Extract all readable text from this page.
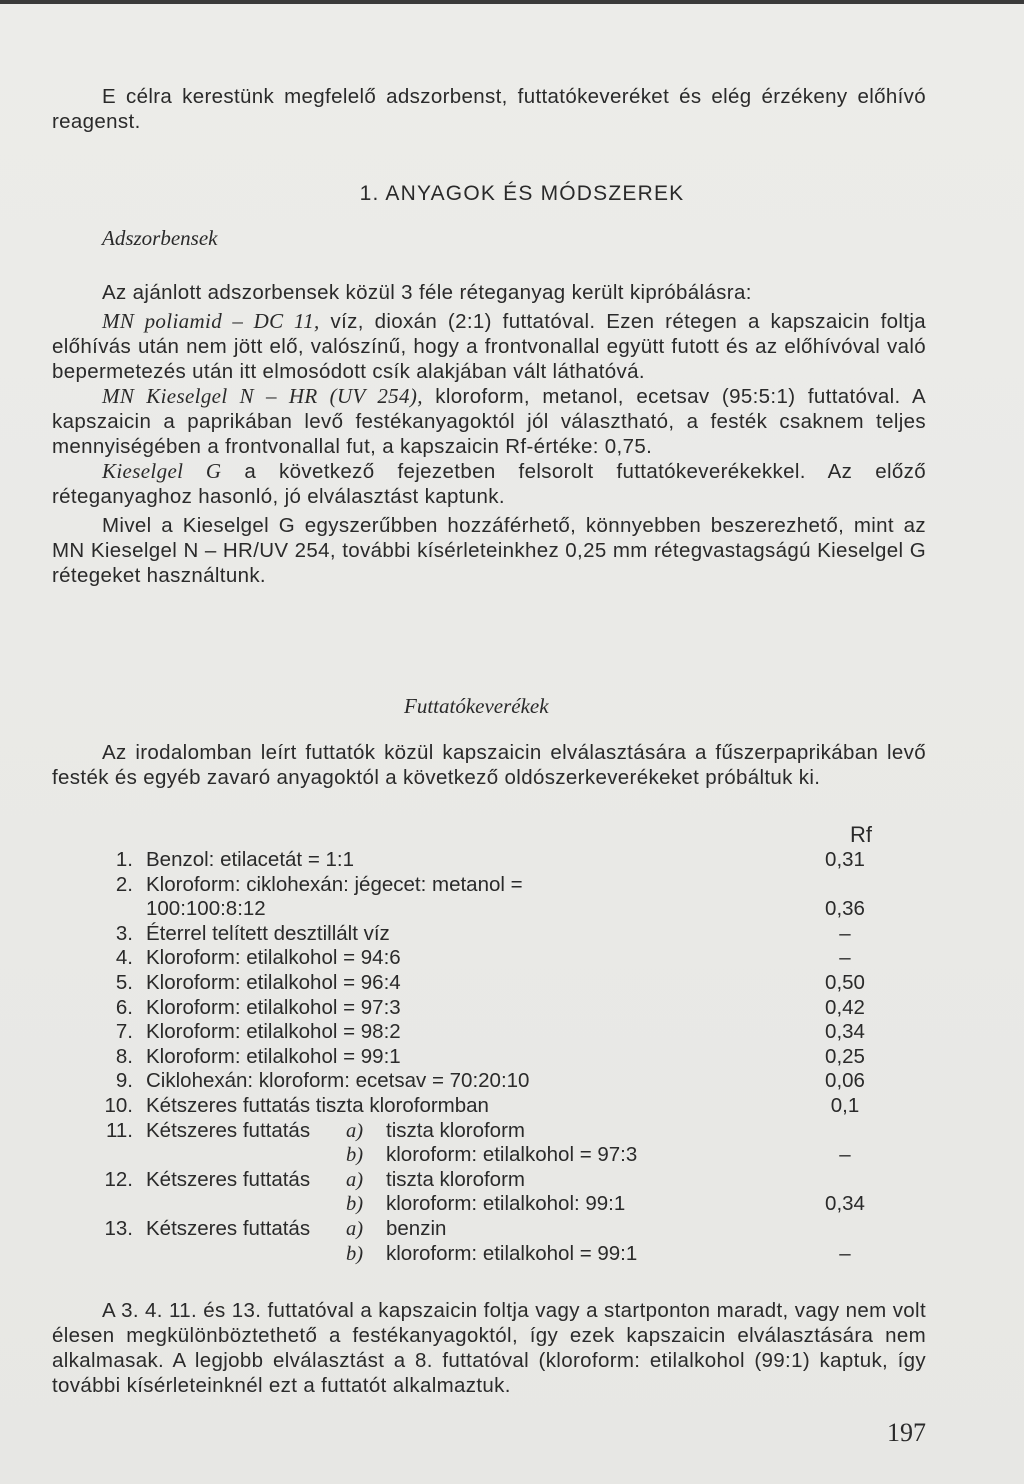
E célra kerestünk megfelelő adszorbenst, futtatókeveréket és elég érzékeny előhívó reagenst.

1. ANYAGOK ÉS MÓDSZEREK
Adszorbensek

Az ajánlott adszorbensek közül 3 féle réteganyag került kipróbálásra:

MN poliamid – DC 11, víz, dioxán (2:1) futtatóval. Ezen rétegen a kapszaicin foltja előhívás után nem jött elő, valószínű, hogy a frontvonallal együtt futott és az előhívóval való bepermetezés után itt elmosódott csík alakjában vált láthatóvá.

MN Kieselgel N – HR (UV 254), kloroform, metanol, ecetsav (95:5:1) futtatóval. A kapszaicin a paprikában levő festékanyagoktól jól választható, a festék csaknem teljes mennyiségében a frontvonallal fut, a kapszaicin Rf-értéke: 0,75.

Kieselgel G a következő fejezetben felsorolt futtatókeverékekkel. Az előző réteganyaghoz hasonló, jó elválasztást kaptunk.

Mivel a Kieselgel G egyszerűbben hozzáférhető, könnyebben beszerezhető, mint az MN Kieselgel N – HR/UV 254, további kísérleteinkhez 0,25 mm rétegvastagságú Kieselgel G rétegeket használtunk.

Futtatókeverékek

Az irodalomban leírt futtatók közül kapszaicin elválasztására a fűszerpaprikában levő festék és egyéb zavaró anyagoktól a következő oldószerkeverékeket próbáltuk ki.

Rf
1. Benzol: etilacetát = 1:1	0,31
2. Kloroform: ciklohexán: jégecet: metanol =
100:100:8:12	0,36
3. Éterrel telített desztillált víz	–
4. Kloroform: etilalkohol = 94:6	–
5. Kloroform: etilalkohol = 96:4	0,50
6. Kloroform: etilalkohol = 97:3	0,42
7. Kloroform: etilalkohol = 98:2	0,34
8. Kloroform: etilalkohol = 99:1	0,25
9. Ciklohexán: kloroform: ecetsav = 70:20:10	0,06
10. Kétszeres futtatás tiszta kloroformban	0,1
11. Kétszeres futtatás a) tiszta kloroform
b) kloroform: etilalkohol = 97:3	–
12. Kétszeres futtatás a) tiszta kloroform
b) kloroform: etilalkohol: 99:1	0,34
13. Kétszeres futtatás a) benzin
b) kloroform: etilalkohol = 99:1	–

A 3. 4. 11. és 13. futtatóval a kapszaicin foltja vagy a startponton maradt, vagy nem volt élesen megkülönböztethető a festékanyagoktól, így ezek kapszaicin elválasztására nem alkalmasak. A legjobb elválasztást a 8. futtatóval (kloroform: etilalkohol (99:1) kaptuk, így további kísérleteinknél ezt a futtatót alkalmaztuk.

197
